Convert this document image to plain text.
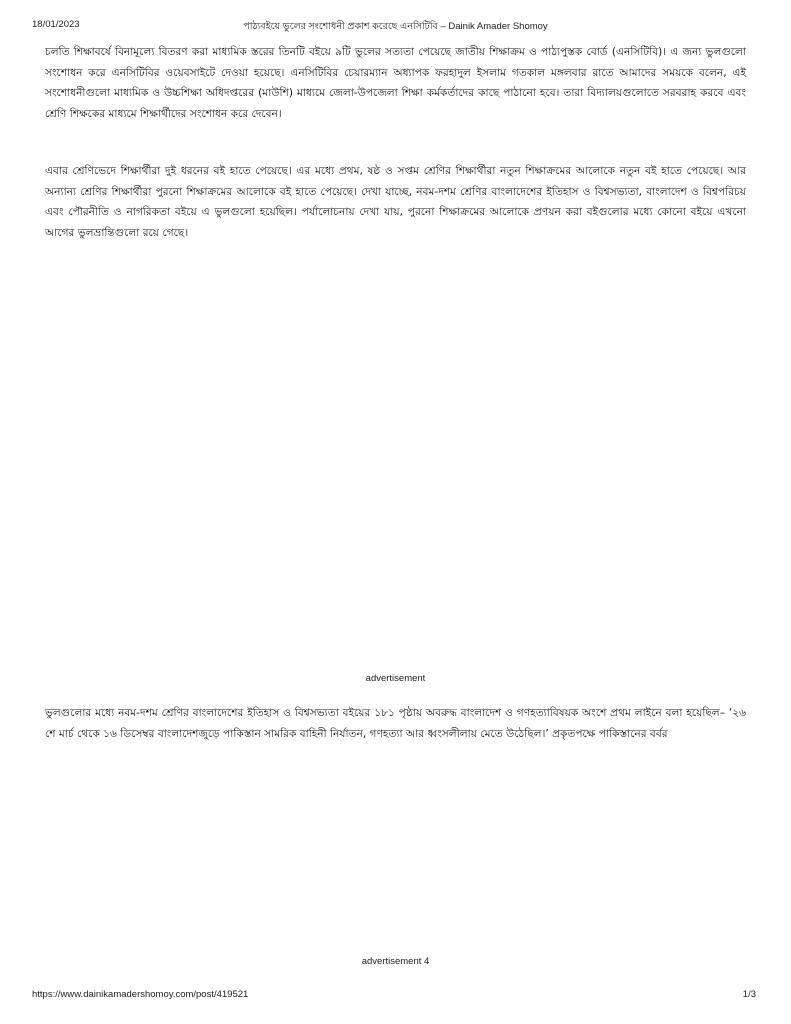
18/01/2023	পাঠ্যবইয়ে ভুলের সংশোধনী প্রকাশ করেছে এনসিটিবি – Dainik Amader Shomoy

চলতি শিক্ষাবর্ষে বিনামূল্যে বিতরণ করা মাধ্যমিক স্তরের তিনটি বইয়ে ৯টি ভুলের সত্যতা পেয়েছে জাতীয় শিক্ষাক্রম ও পাঠ্যপুস্তক বোর্ড (এনসিটিবি)। এ জন্য ভুলগুলো সংশোধন করে এনসিটিবির ওয়েবসাইটে দেওয়া হয়েছে। এনসিটিবির চেয়ারম্যান অধ্যাপক ফরহাদুল ইসলাম গতকাল মঙ্গলবার রাতে আমাদের সময়কে বলেন, এই সংশোধনীগুলো মাধ্যমিক ও উচ্চশিক্ষা অধিদপ্তরের (মাউশি) মাধ্যমে জেলা-উপজেলা শিক্ষা কর্মকর্তাদের কাছে পাঠানো হবে। তারা বিদ্যালয়গুলোতে সরবরাহ করবে এবং শ্রেণি শিক্ষকের মাধ্যমে শিক্ষার্থীদের সংশোধন করে দেবেন।

এবার শ্রেণিভেদে শিক্ষার্থীরা দুই ধরনের বই হাতে পেয়েছে। এর মধ্যে প্রথম, ষষ্ঠ ও সপ্তম শ্রেণির শিক্ষার্থীরা নতুন শিক্ষাক্রমের আলোকে নতুন বই হাতে পেয়েছে। আর অন্যান্য শ্রেণির শিক্ষার্থীরা পুরনো শিক্ষাক্রমের আলোকে বই হাতে পেয়েছে। দেখা যাচ্ছে, নবম-দশম শ্রেণির বাংলাদেশের ইতিহাস ও বিশ্বসভ্যতা, বাংলাদেশ ও বিশ্বপরিচয় এবং পৌরনীতি ও নাগরিকতা বইয়ে এ ভুলগুলো হয়েছিল। পর্যালোচনায় দেখা যায়, পুরনো শিক্ষাক্রমের আলোকে প্রণয়ন করা বইগুলোর মধ্যে কোনো বইয়ে এখনো আগের ভুলভ্রান্তিগুলো রয়ে গেছে।

advertisement

ভুলগুলোর মধ্যে নবম-দশম শ্রেণির বাংলাদেশের ইতিহাস ও বিশ্বসভ্যতা বইয়ের ১৮১ পৃষ্ঠায় অবরুদ্ধ বাংলাদেশ ও গণহত্যাবিষয়ক অংশে প্রথম লাইনে বলা হয়েছিল– ‘২৬ শে মার্চ থেকে ১৬ ডিসেম্বর বাংলাদেশজুড়ে পাকিস্তান সামরিক বাহিনী নির্যাতন, গণহত্যা আর ধ্বংসলীলায় মেতে উঠেছিল।’ প্রকৃতপক্ষে পাকিস্তানের বর্বর

advertisement 4
https://www.dainikamadershomoy.com/post/419521	1/3
